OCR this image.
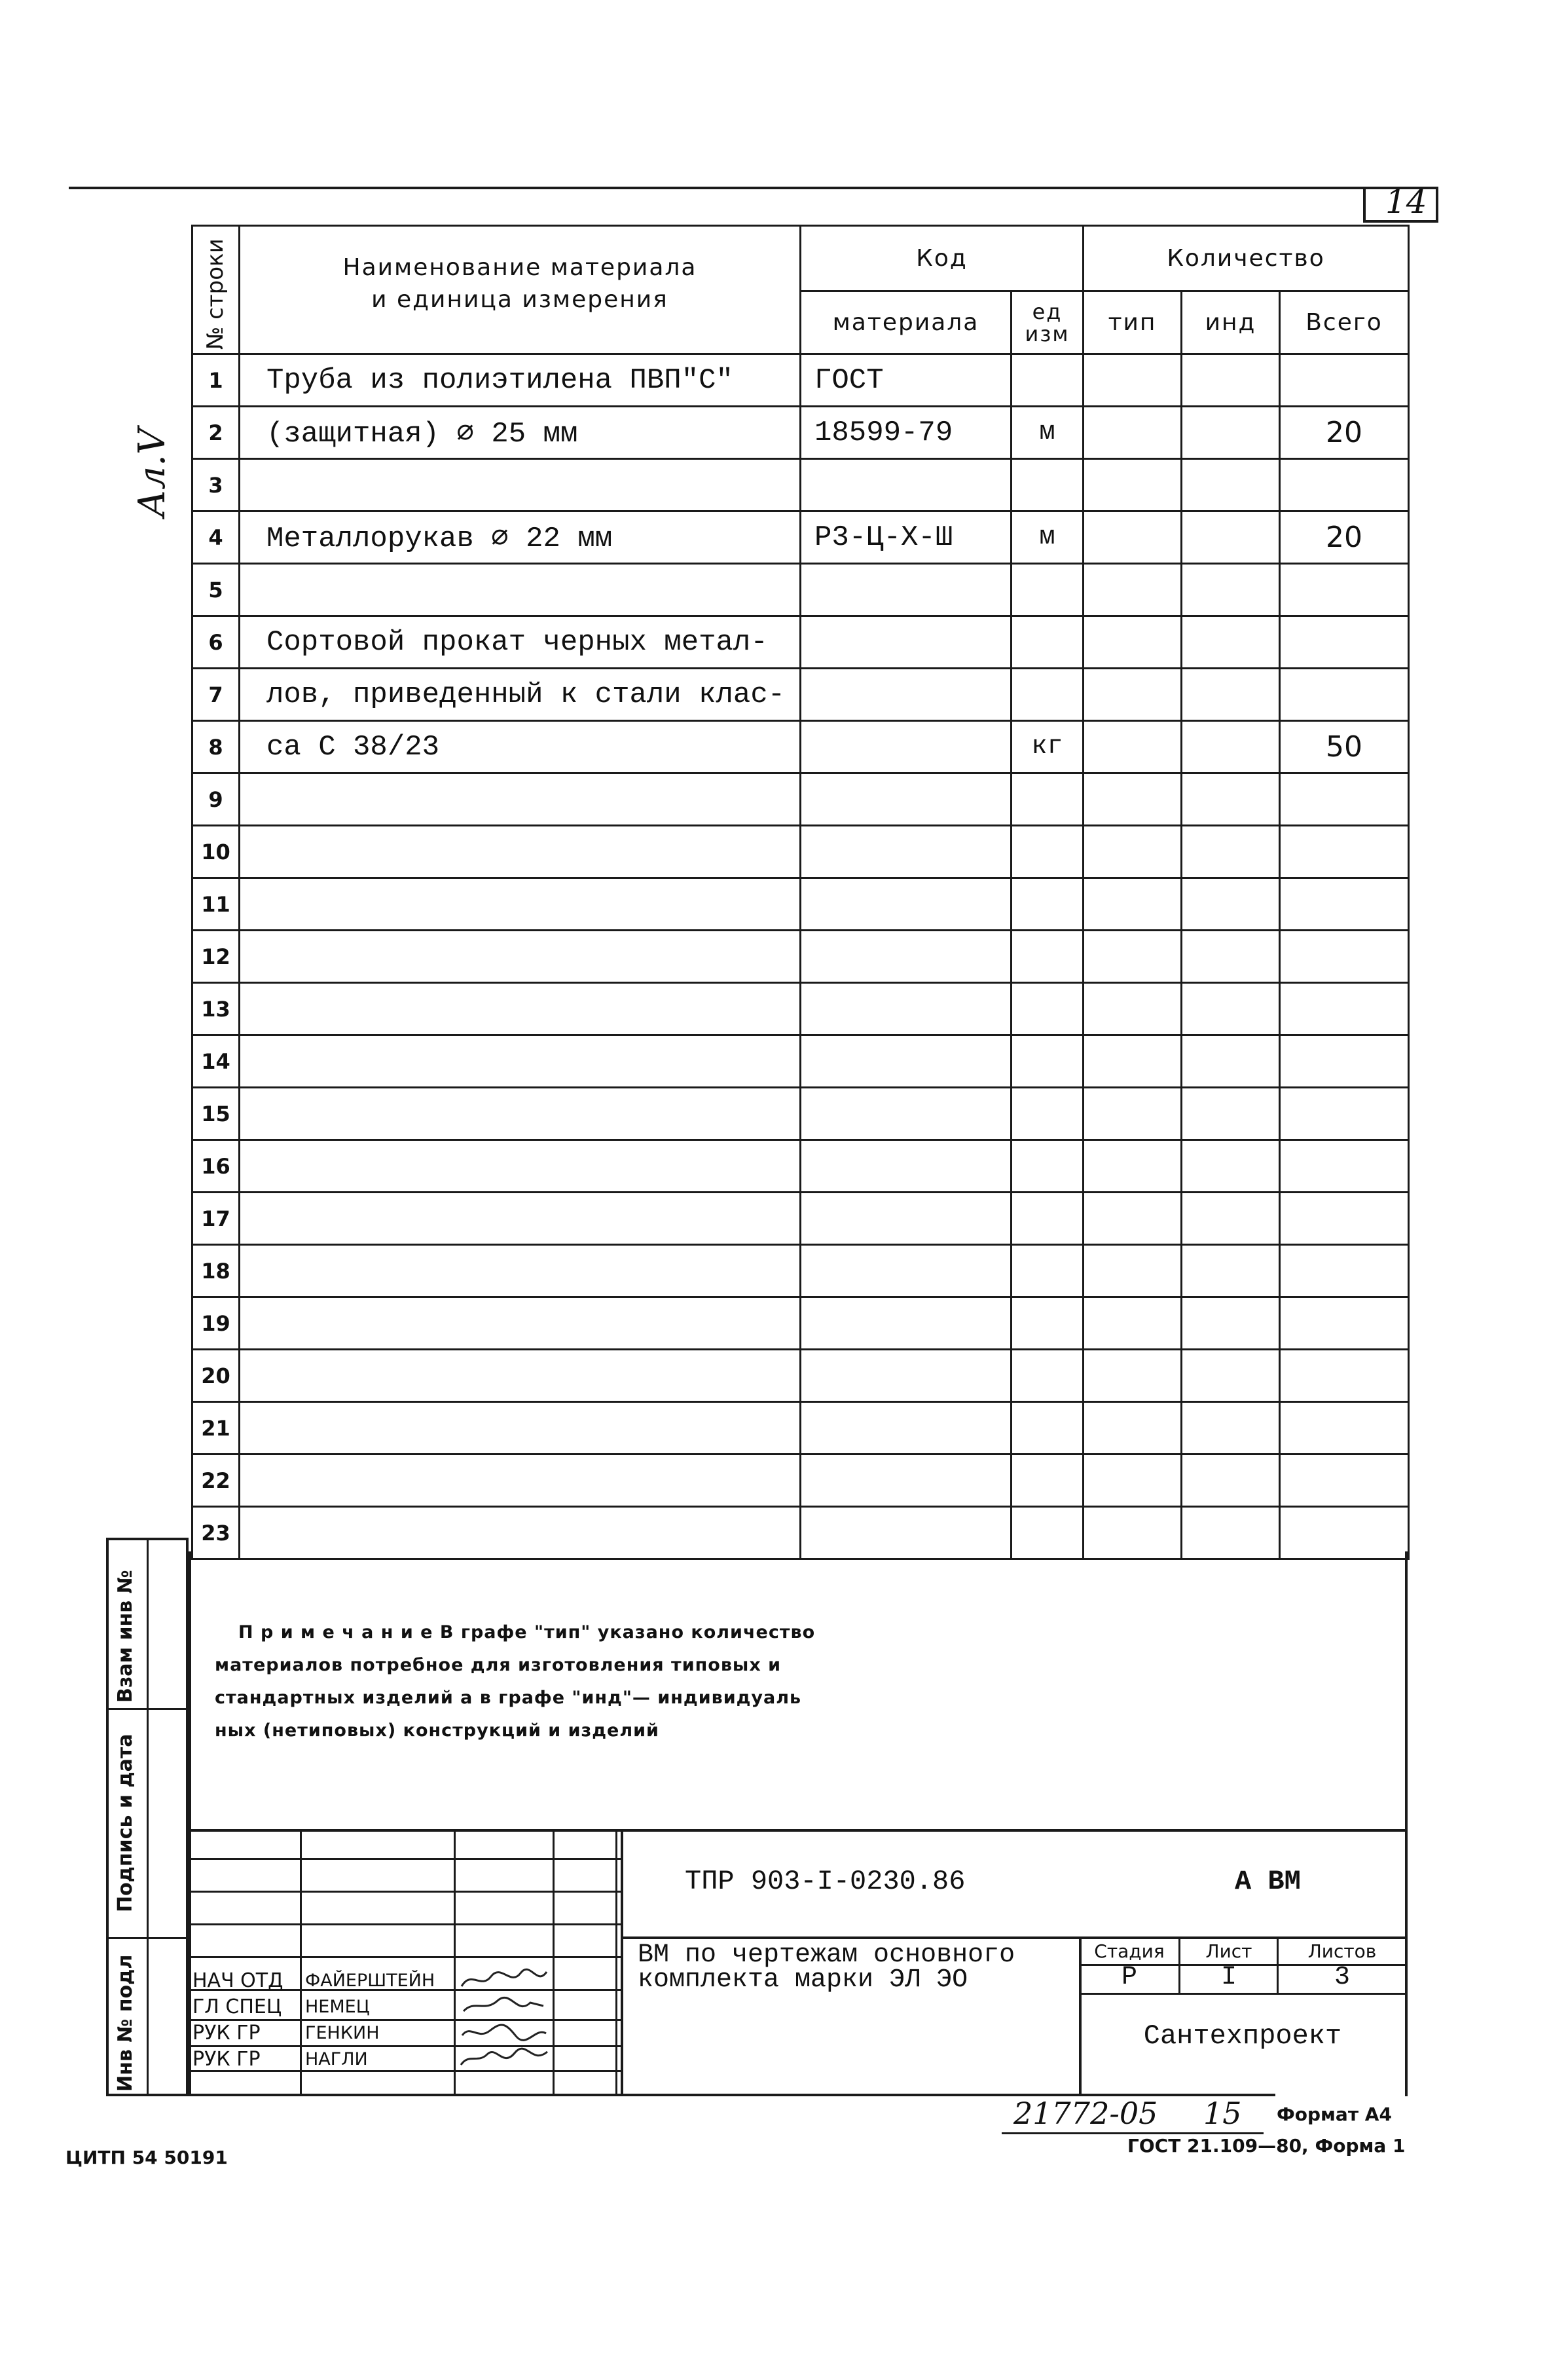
14
Ал.V
№ строки	Наименование материала
и единица измерения	Код		Количество		
		материала	ед
изм	тип	инд	Всего
1	Труба из полиэтилена ПВП"С"	ГОСТ				
2	(защитная) ∅ 25 мм	18599-79	м			20
3						
4	Металлорукав ∅ 22 мм	Р3-Ц-Х-Ш	м			20
5						
6	Сортовой прокат черных метал-					
7	лов, приведенный к стали клас-					
8	са С 38/23		кг			50
9						
10						
11						
12						
13						
14						
15						
16						
17						
18						
19						
20						
21						
22						
23						
П р и м е ч а н и е В графе "тип" указано количество
материалов потребное для изготовления типовых и
стандартных изделий а в графе "инд"— индивидуаль
ных (нетиповых) конструкций и изделий
Взам инв №
Подпись и дата
Инв № подл	НАЧ ОТД ФАЙЕРШТЕЙН
ГЛ СПЕЦ НЕМЕЦ
РУК ГР	ГЕНКИН
РУК ГР	НАГЛИ
ТПР 903-I-0230.86	А ВМ
ВМ по чертежам основного
комплекта марки ЭЛ ЭО
Стадия	Лист	Листов
Р	I	3
Сантехпроект
21772-05 15 Формат А4
ГОСТ 21.109—80, Форма 1
ЦИТП 54 50191
